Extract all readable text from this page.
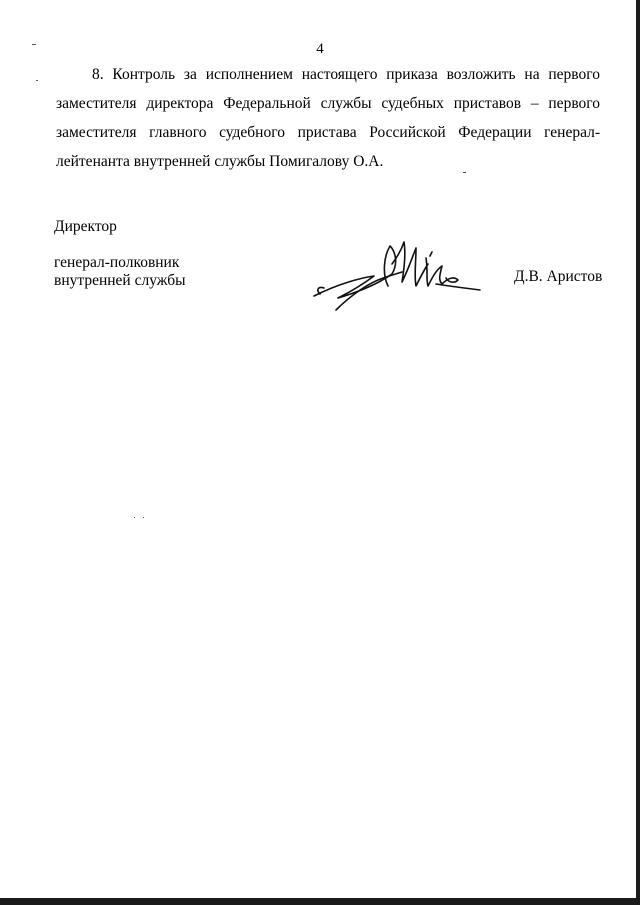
4

8. Контроль за исполнением настоящего приказа возложить на первого заместителя директора Федеральной службы судебных приставов – первого заместителя главного судебного пристава Российской Федерации генерал-лейтенанта внутренней службы Помигалову О.А.

Директор
генерал-полковник
внутренней службы	Д.В. Аристов
